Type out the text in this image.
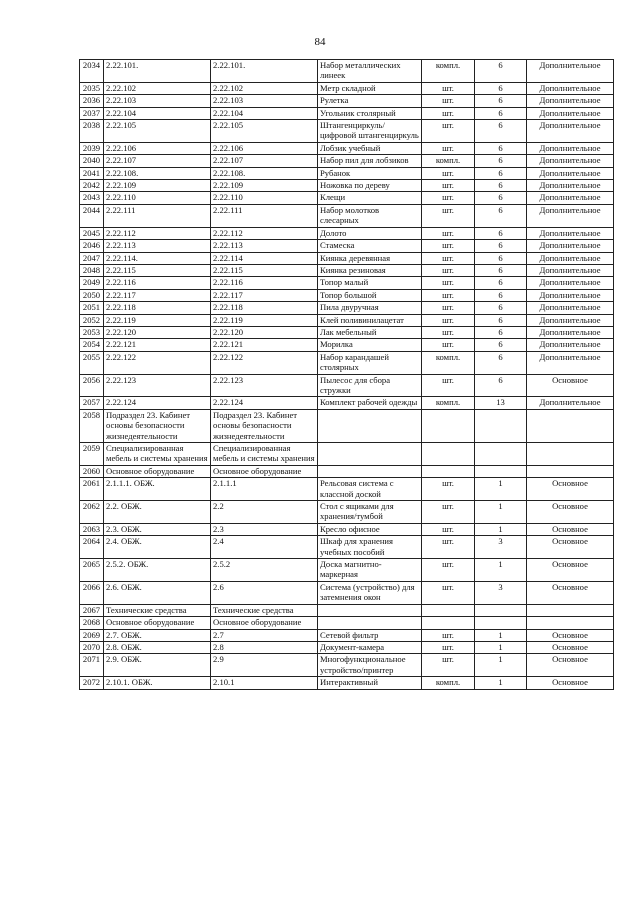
84
2034	2.22.101.	2.22.101.	Набор металлических линеек	компл.	6	Дополнительное
2035	2.22.102	2.22.102	Метр складной	шт.	6	Дополнительное
2036	2.22.103	2.22.103	Рулетка	шт.	6	Дополнительное
2037	2.22.104	2.22.104	Угольник столярный	шт.	6	Дополнительное
2038	2.22.105	2.22.105	Штангенциркуль/ цифровой штангенциркуль	шт.	6	Дополнительное
2039	2.22.106	2.22.106	Лобзик учебный	шт.	6	Дополнительное
2040	2.22.107	2.22.107	Набор пил для лобзиков	компл.	6	Дополнительное
2041	2.22.108.	2.22.108.	Рубанок	шт.	6	Дополнительное
2042	2.22.109	2.22.109	Ножовка по дереву	шт.	6	Дополнительное
2043	2.22.110	2.22.110	Клещи	шт.	6	Дополнительное
2044	2.22.111	2.22.111	Набор молотков слесарных	шт.	6	Дополнительное
2045	2.22.112	2.22.112	Долото	шт.	6	Дополнительное
2046	2.22.113	2.22.113	Стамеска	шт.	6	Дополнительное
2047	2.22.114.	2.22.114	Киянка деревянная	шт.	6	Дополнительное
2048	2.22.115	2.22.115	Киянка резиновая	шт.	6	Дополнительное
2049	2.22.116	2.22.116	Топор малый	шт.	6	Дополнительное
2050	2.22.117	2.22.117	Топор большой	шт.	6	Дополнительное
2051	2.22.118	2.22.118	Пила двуручная	шт.	6	Дополнительное
2052	2.22.119	2.22.119	Клей поливинилацетат	шт.	6	Дополнительное
2053	2.22.120	2.22.120	Лак мебельный	шт.	6	Дополнительное
2054	2.22.121	2.22.121	Морилка	шт.	6	Дополнительное
2055	2.22.122	2.22.122	Набор карандашей столярных	компл.	6	Дополнительное
2056	2.22.123	2.22.123	Пылесос для сбора стружки	шт.	6	Основное
2057	2.22.124	2.22.124	Комплект рабочей одежды	компл.	13	Дополнительное
2058	Подраздел 23. Кабинет основы безопасности жизнедеятельности	Подраздел 23. Кабинет основы безопасности жизнедеятельности				
2059	Специализированная мебель и системы хранения	Специализированная мебель и системы хранения				
2060	Основное оборудование	Основное оборудование				
2061	2.1.1.1. ОБЖ.	2.1.1.1	Рельсовая система с классной доской	шт.	1	Основное
2062	2.2. ОБЖ.	2.2	Стол с ящиками для хранения/тумбой	шт.	1	Основное
2063	2.3. ОБЖ.	2.3	Кресло офисное	шт.	1	Основное
2064	2.4. ОБЖ.	2.4	Шкаф для хранения учебных пособий	шт.	3	Основное
2065	2.5.2. ОБЖ.	2.5.2	Доска магнитно-маркерная	шт.	1	Основное
2066	2.6. ОБЖ.	2.6	Система (устройство) для затемнения окон	шт.	3	Основное
2067	Технические средства	Технические средства				
2068	Основное оборудование	Основное оборудование				
2069	2.7. ОБЖ.	2.7	Сетевой фильтр	шт.	1	Основное
2070	2.8. ОБЖ.	2.8	Документ-камера	шт.	1	Основное
2071	2.9. ОБЖ.	2.9	Многофункциональное устройство/принтер	шт.	1	Основное
2072	2.10.1. ОБЖ.	2.10.1	Интерактивный	компл.	1	Основное
